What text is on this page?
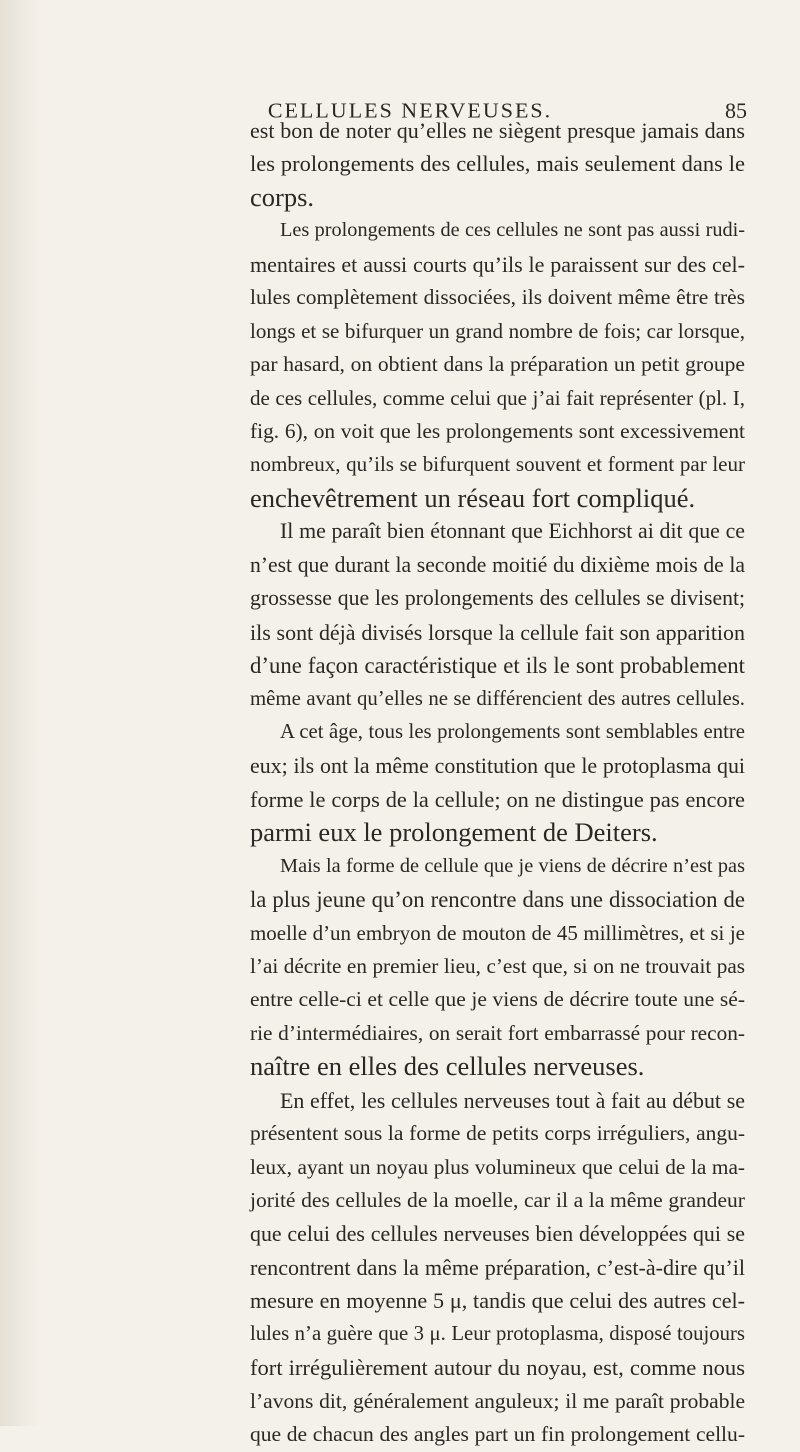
CELLULES NERVEUSES.	85
est bon de noter qu’elles ne siègent presque jamais dans
les prolongements des cellules, mais seulement dans le
corps.
Les prolongements de ces cellules ne sont pas aussi rudi-
mentaires et aussi courts qu’ils le paraissent sur des cel-
lules complètement dissociées, ils doivent même être très
longs et se bifurquer un grand nombre de fois; car lorsque,
par hasard, on obtient dans la préparation un petit groupe
de ces cellules, comme celui que j’ai fait représenter (pl. I,
fig. 6), on voit que les prolongements sont excessivement
nombreux, qu’ils se bifurquent souvent et forment par leur
enchevêtrement un réseau fort compliqué.
Il me paraît bien étonnant que Eichhorst ai dit que ce
n’est que durant la seconde moitié du dixième mois de la
grossesse que les prolongements des cellules se divisent;
ils sont déjà divisés lorsque la cellule fait son apparition
d’une façon caractéristique et ils le sont probablement
même avant qu’elles ne se différencient des autres cellules.
A cet âge, tous les prolongements sont semblables entre
eux; ils ont la même constitution que le protoplasma qui
forme le corps de la cellule; on ne distingue pas encore
parmi eux le prolongement de Deiters.
Mais la forme de cellule que je viens de décrire n’est pas
la plus jeune qu’on rencontre dans une dissociation de
moelle d’un embryon de mouton de 45 millimètres, et si je
l’ai décrite en premier lieu, c’est que, si on ne trouvait pas
entre celle-ci et celle que je viens de décrire toute une sé-
rie d’intermédiaires, on serait fort embarrassé pour recon-
naître en elles des cellules nerveuses.
En effet, les cellules nerveuses tout à fait au début se
présentent sous la forme de petits corps irréguliers, angu-
leux, ayant un noyau plus volumineux que celui de la ma-
jorité des cellules de la moelle, car il a la même grandeur
que celui des cellules nerveuses bien développées qui se
rencontrent dans la même préparation, c’est-à-dire qu’il
mesure en moyenne 5 μ, tandis que celui des autres cel-
lules n’a guère que 3 μ. Leur protoplasma, disposé toujours
fort irrégulièrement autour du noyau, est, comme nous
l’avons dit, généralement anguleux; il me paraît probable
que de chacun des angles part un fin prolongement cellu-
